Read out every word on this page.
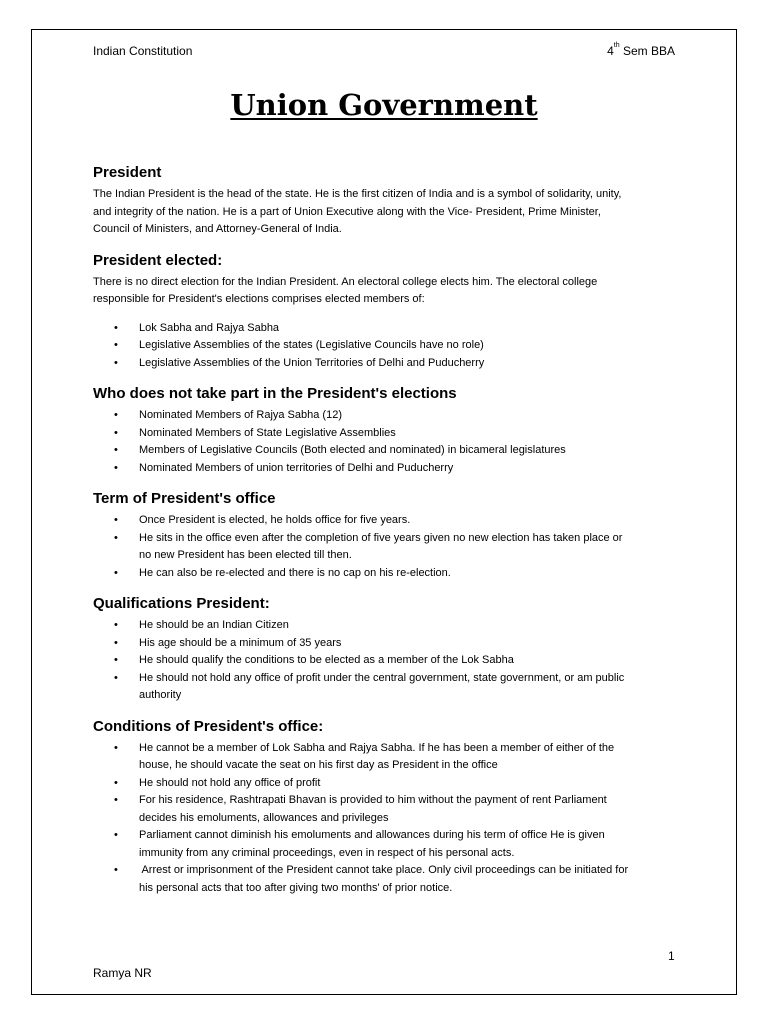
Indian Constitution	4th Sem BBA
Union Government
President
The Indian President is the head of the state. He is the first citizen of India and is a symbol of solidarity, unity,
and integrity of the nation. He is a part of Union Executive along with the Vice- President, Prime Minister,
Council of Ministers, and Attorney-General of India.
President elected:
There is no direct election for the Indian President. An electoral college elects him. The electoral college
responsible for President's elections comprises elected members of:
• Lok Sabha and Rajya Sabha
• Legislative Assemblies of the states (Legislative Councils have no role)
• Legislative Assemblies of the Union Territories of Delhi and Puducherry
Who does not take part in the President's elections
• Nominated Members of Rajya Sabha (12)
• Nominated Members of State Legislative Assemblies
• Members of Legislative Councils (Both elected and nominated) in bicameral legislatures
• Nominated Members of union territories of Delhi and Puducherry
Term of President's office
• Once President is elected, he holds office for five years.
• He sits in the office even after the completion of five years given no new election has taken place or
no new President has been elected till then.
• He can also be re-elected and there is no cap on his re-election.
Qualifications President:
• He should be an Indian Citizen
• His age should be a minimum of 35 years
• He should qualify the conditions to be elected as a member of the Lok Sabha
• He should not hold any office of profit under the central government, state government, or am public
authority
Conditions of President's office:
• He cannot be a member of Lok Sabha and Rajya Sabha. If he has been a member of either of the
house, he should vacate the seat on his first day as President in the office
• He should not hold any office of profit
• For his residence, Rashtrapati Bhavan is provided to him without the payment of rent Parliament
decides his emoluments, allowances and privileges
• Parliament cannot diminish his emoluments and allowances during his term of office He is given
immunity from any criminal proceedings, even in respect of his personal acts.
•  Arrest or imprisonment of the President cannot take place. Only civil proceedings can be initiated for
his personal acts that too after giving two months' of prior notice.
1
Ramya NR
